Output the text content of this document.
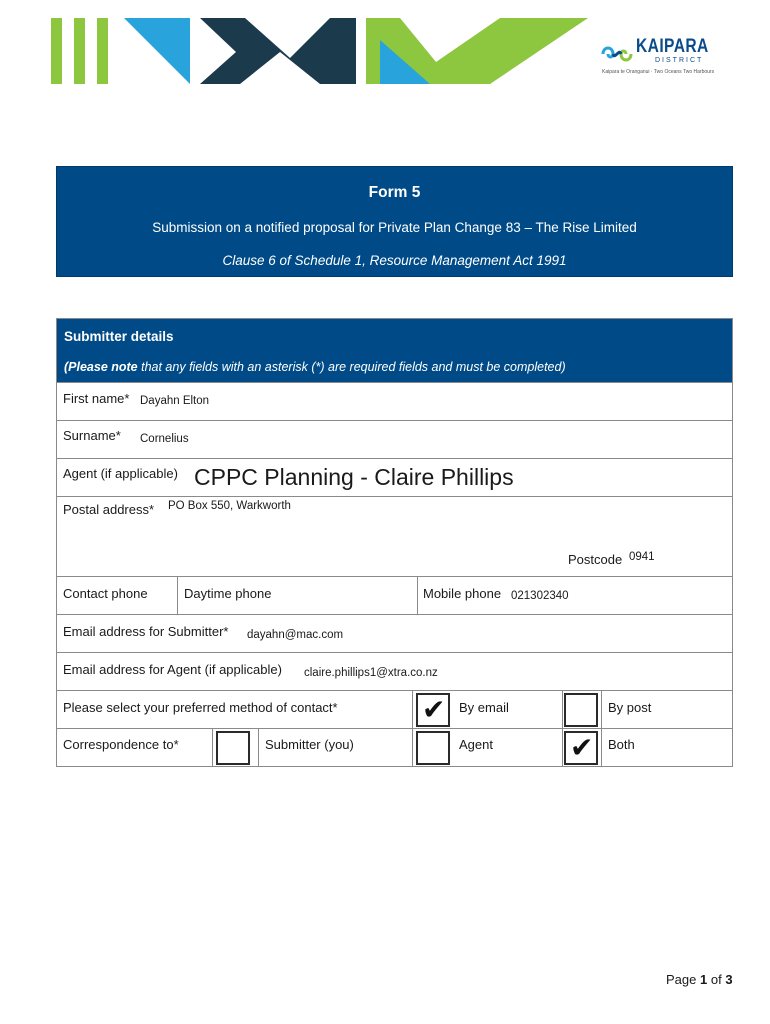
KAIPARA
DISTRICT
Kaipara te Oranganui · Two Oceans Two Harbours
Form 5
Submission on a notified proposal for Private Plan Change 83 – The Rise Limited
Clause 6 of Schedule 1, Resource Management Act 1991
Submitter details
(Please note that any fields with an asterisk (*) are required fields and must be completed)
First name* Dayahn Elton
Surname* Cornelius
Agent (if applicable) CPPC Planning - Claire Phillips
Postal address* PO Box 550, Warkworth
Postcode 0941
Contact phone	Daytime phone	Mobile phone 021302340
Email address for Submitter* dayahn@mac.com
Email address for Agent (if applicable) claire.phillips1@xtra.co.nz
Please select your preferred method of contact*	✔ By email	By post
Correspondence to*	Submitter (you)	Agent	✔ Both
Page 1 of 3
